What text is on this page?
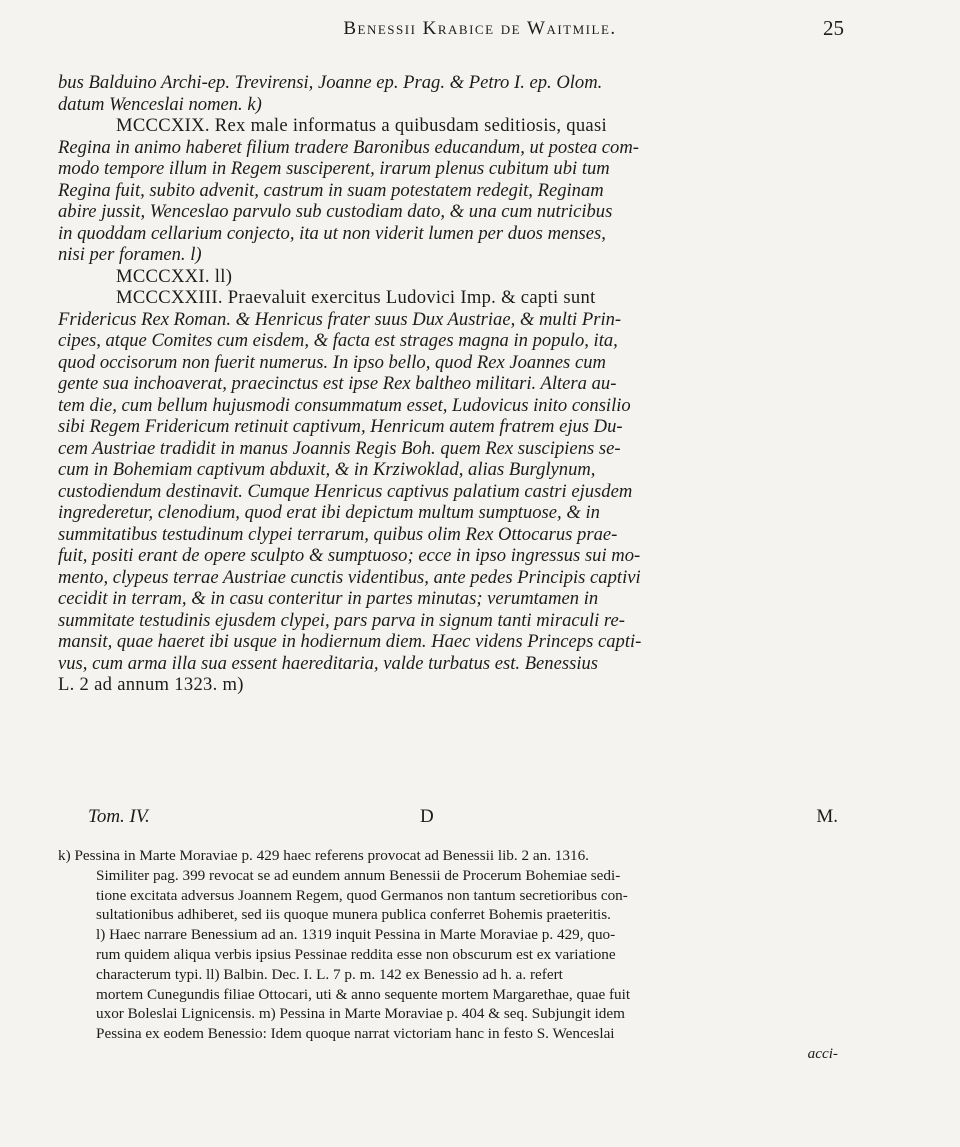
Benessii Krabice de Waitmile.	25
bus Balduino Archi-ep. Trevirensi, Joanne ep. Prag. & Petro I. ep. Olom.
datum Wenceslai nomen. k)
MCCCXIX. Rex male informatus a quibusdam seditiosis, quasi
Regina in animo haberet filium tradere Baronibus educandum, ut postea com-
modo tempore illum in Regem susciperent, irarum plenus cubitum ubi tum
Regina fuit, subito advenit, castrum in suam potestatem redegit, Reginam
abire jussit, Wenceslao parvulo sub custodiam dato, & una cum nutricibus
in quoddam cellarium conjecto, ita ut non viderit lumen per duos menses,
nisi per foramen. l)
MCCCXXI. ll)
MCCCXXIII. Praevaluit exercitus Ludovici Imp. & capti sunt
Fridericus Rex Roman. & Henricus frater suus Dux Austriae, & multi Prin-
cipes, atque Comites cum eisdem, & facta est strages magna in populo, ita,
quod occisorum non fuerit numerus. In ipso bello, quod Rex Joannes cum
gente sua inchoaverat, praecinctus est ipse Rex baltheo militari. Altera au-
tem die, cum bellum hujusmodi consummatum esset, Ludovicus inito consilio
sibi Regem Fridericum retinuit captivum, Henricum autem fratrem ejus Du-
cem Austriae tradidit in manus Joannis Regis Boh. quem Rex suscipiens se-
cum in Bohemiam captivum abduxit, & in Krziwoklad, alias Burglynum,
custodiendum destinavit. Cumque Henricus captivus palatium castri ejusdem
ingrederetur, clenodium, quod erat ibi depictum multum sumptuose, & in
summitatibus testudinum clypei terrarum, quibus olim Rex Ottocarus prae-
fuit, positi erant de opere sculpto & sumptuoso; ecce in ipso ingressus sui mo-
mento, clypeus terrae Austriae cunctis videntibus, ante pedes Principis captivi
cecidit in terram, & in casu conteritur in partes minutas; verumtamen in
summitate testudinis ejusdem clypei, pars parva in signum tanti miraculi re-
mansit, quae haeret ibi usque in hodiernum diem. Haec videns Princeps capti-
vus, cum arma illa sua essent haereditaria, valde turbatus est. Benessius
L. 2 ad annum 1323. m)
Tom. IV.	D	M.
k) Pessina in Marte Moraviae p. 429 haec referens provocat ad Benessii lib. 2 an. 1316.
Similiter pag. 399 revocat se ad eundem annum Benessii de Procerum Bohemiae sedi-
tione excitata adversus Joannem Regem, quod Germanos non tantum secretioribus con-
sultationibus adhiberet, sed iis quoque munera publica conferret Bohemis praeteritis.
l) Haec narrare Benessium ad an. 1319 inquit Pessina in Marte Moraviae p. 429, quo-
rum quidem aliqua verbis ipsius Pessinae reddita esse non obscurum est ex variatione
characterum typi. ll) Balbin. Dec. I. L. 7 p. m. 142 ex Benessio ad h. a. refert
mortem Cunegundis filiae Ottocari, uti & anno sequente mortem Margarethae, quae fuit
uxor Boleslai Lignicensis. m) Pessina in Marte Moraviae p. 404 & seq. Subjungit idem
Pessina ex eodem Benessio: Idem quoque narrat victoriam hanc in festo S. Wenceslai
acci-
